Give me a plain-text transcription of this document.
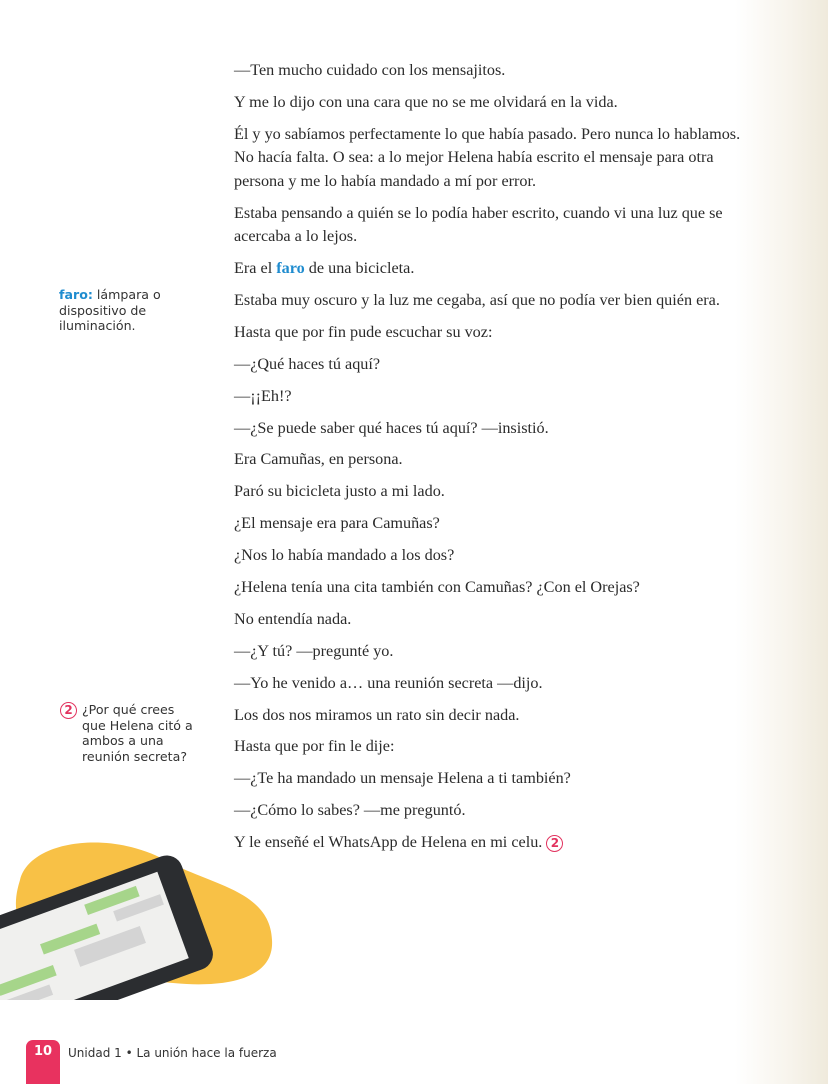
—Ten mucho cuidado con los mensajitos.

Y me lo dijo con una cara que no se me olvidará en la vida.

Él y yo sabíamos perfectamente lo que había pasado. Pero nunca lo hablamos. No hacía falta. O sea: a lo mejor Helena había escrito el mensaje para otra persona y me lo había mandado a mí por error.

Estaba pensando a quién se lo podía haber escrito, cuando vi una luz que se acercaba a lo lejos.

Era el faro de una bicicleta.

Estaba muy oscuro y la luz me cegaba, así que no podía ver bien quién era.

Hasta que por fin pude escuchar su voz:

—¿Qué haces tú aquí?

—¡¡Eh!?

—¿Se puede saber qué haces tú aquí? —insistió.

Era Camuñas, en persona.

Paró su bicicleta justo a mi lado.

¿El mensaje era para Camuñas?

¿Nos lo había mandado a los dos?

¿Helena tenía una cita también con Camuñas? ¿Con el Orejas?

No entendía nada.

—¿Y tú? —pregunté yo.

—Yo he venido a… una reunión secreta —dijo.

Los dos nos miramos un rato sin decir nada.

Hasta que por fin le dije:

—¿Te ha mandado un mensaje Helena a ti también?

—¿Cómo lo sabes? —me preguntó.

Y le enseñé el WhatsApp de Helena en mi celu. 2

faro: lámpara o dispositivo de iluminación.
2 ¿Por qué crees que Helena citó a ambos a una reunión secreta?
10	Unidad 1 • La unión hace la fuerza
